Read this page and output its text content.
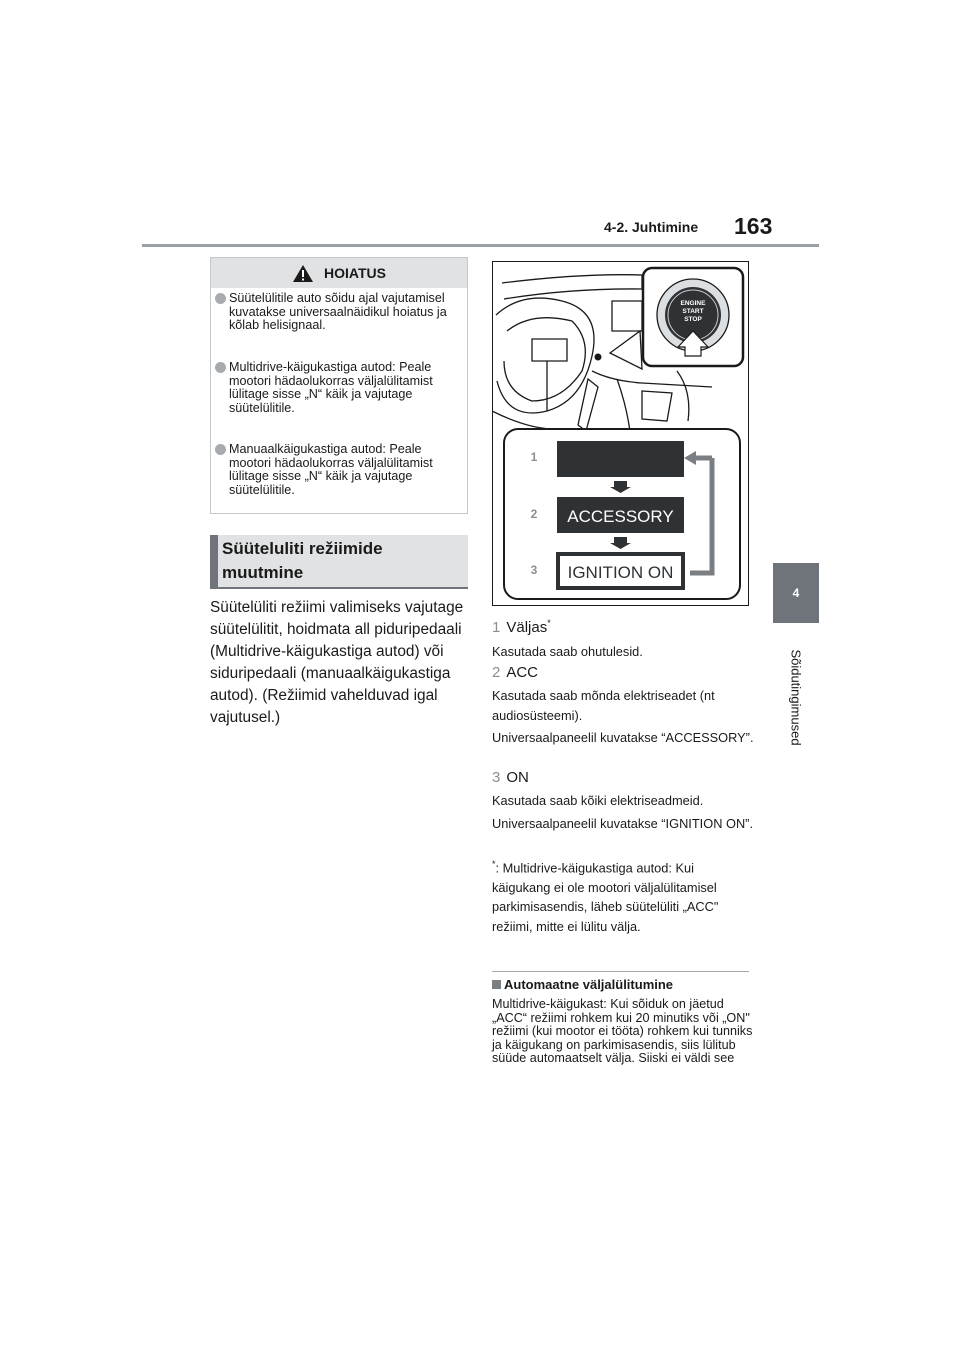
4-2. Juhtimine 163
4
Sõidutingimused
HOIATUS
Süütelülitile auto sõidu ajal vajutamisel kuvatakse universaalnäidikul hoiatus ja kõlab helisignaal.
Multidrive-käigukastiga autod: Peale mootori hädaolukorras väljalülitamist lülitage sisse „N“ käik ja vajutage süütelülitile.
Manuaalkäigukastiga autod: Peale mootori hädaolukorras väljalülitamist lülitage sisse „N“ käik ja vajutage süütelülitile.
Süüteluliti režiimide muutmine
Süütelüliti režiimi valimiseks vajutage süütelülitit, hoidmata all piduripedaali (Multidrive-käigukastiga autod) või siduripedaali (manuaalkäigukastiga autod). (Režiimid vahelduvad igal vajutusel.)
ENGINE
START
STOP
1
2
3
ACCESSORY
IGNITION ON
1 Väljas*
Kasutada saab ohutulesid.
2 ACC
Kasutada saab mõnda elektriseadet (nt audiosüsteemi).
Universaalpaneelil kuvatakse “ACCESSORY”.
3 ON
Kasutada saab kõiki elektriseadmeid.
Universaalpaneelil kuvatakse “IGNITION ON”.
*: Multidrive-käigukastiga autod: Kui käigukang ei ole mootori väljalülitamisel parkimisasendis, läheb süütelüliti „ACC" režiimi, mitte ei lülitu välja.
Automaatne väljalülitumine
Multidrive-käigukast: Kui sõiduk on jäetud „ACC“ režiimi rohkem kui 20 minutiks või „ON" režiimi (kui mootor ei tööta) rohkem kui tunniks ja käigukang on parkimisasendis, siis lülitub süüde automaatselt välja. Siiski ei väldi see
